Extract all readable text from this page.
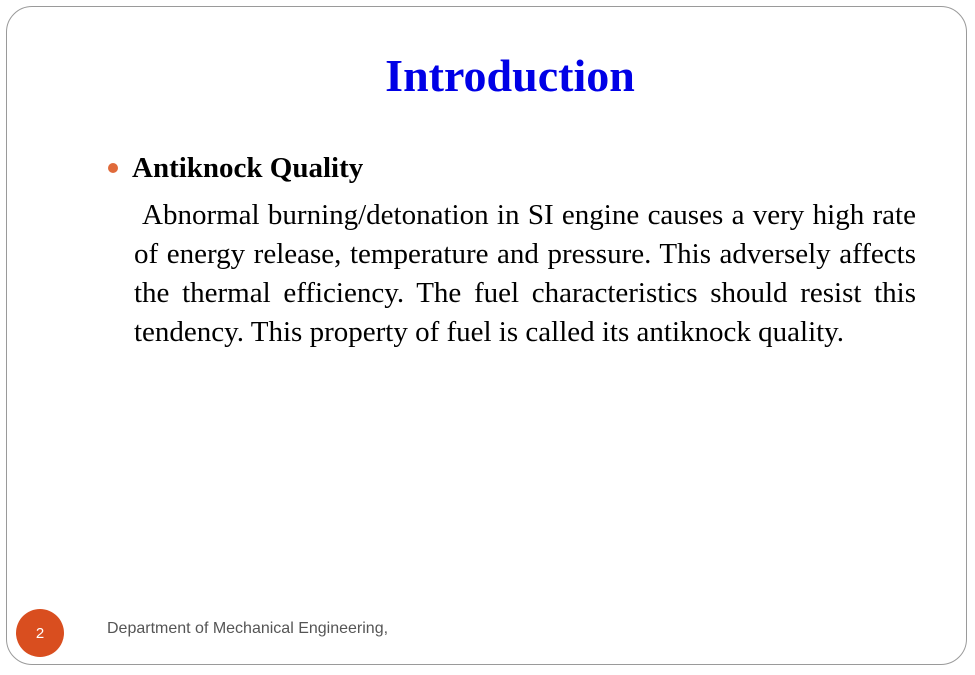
Introduction
Antiknock Quality

Abnormal burning/detonation in SI engine causes a very high rate of energy release, temperature and pressure. This adversely affects the thermal efficiency. The fuel characteristics should resist this tendency. This property of fuel is called its antiknock quality.

2	Department of Mechanical Engineering,
